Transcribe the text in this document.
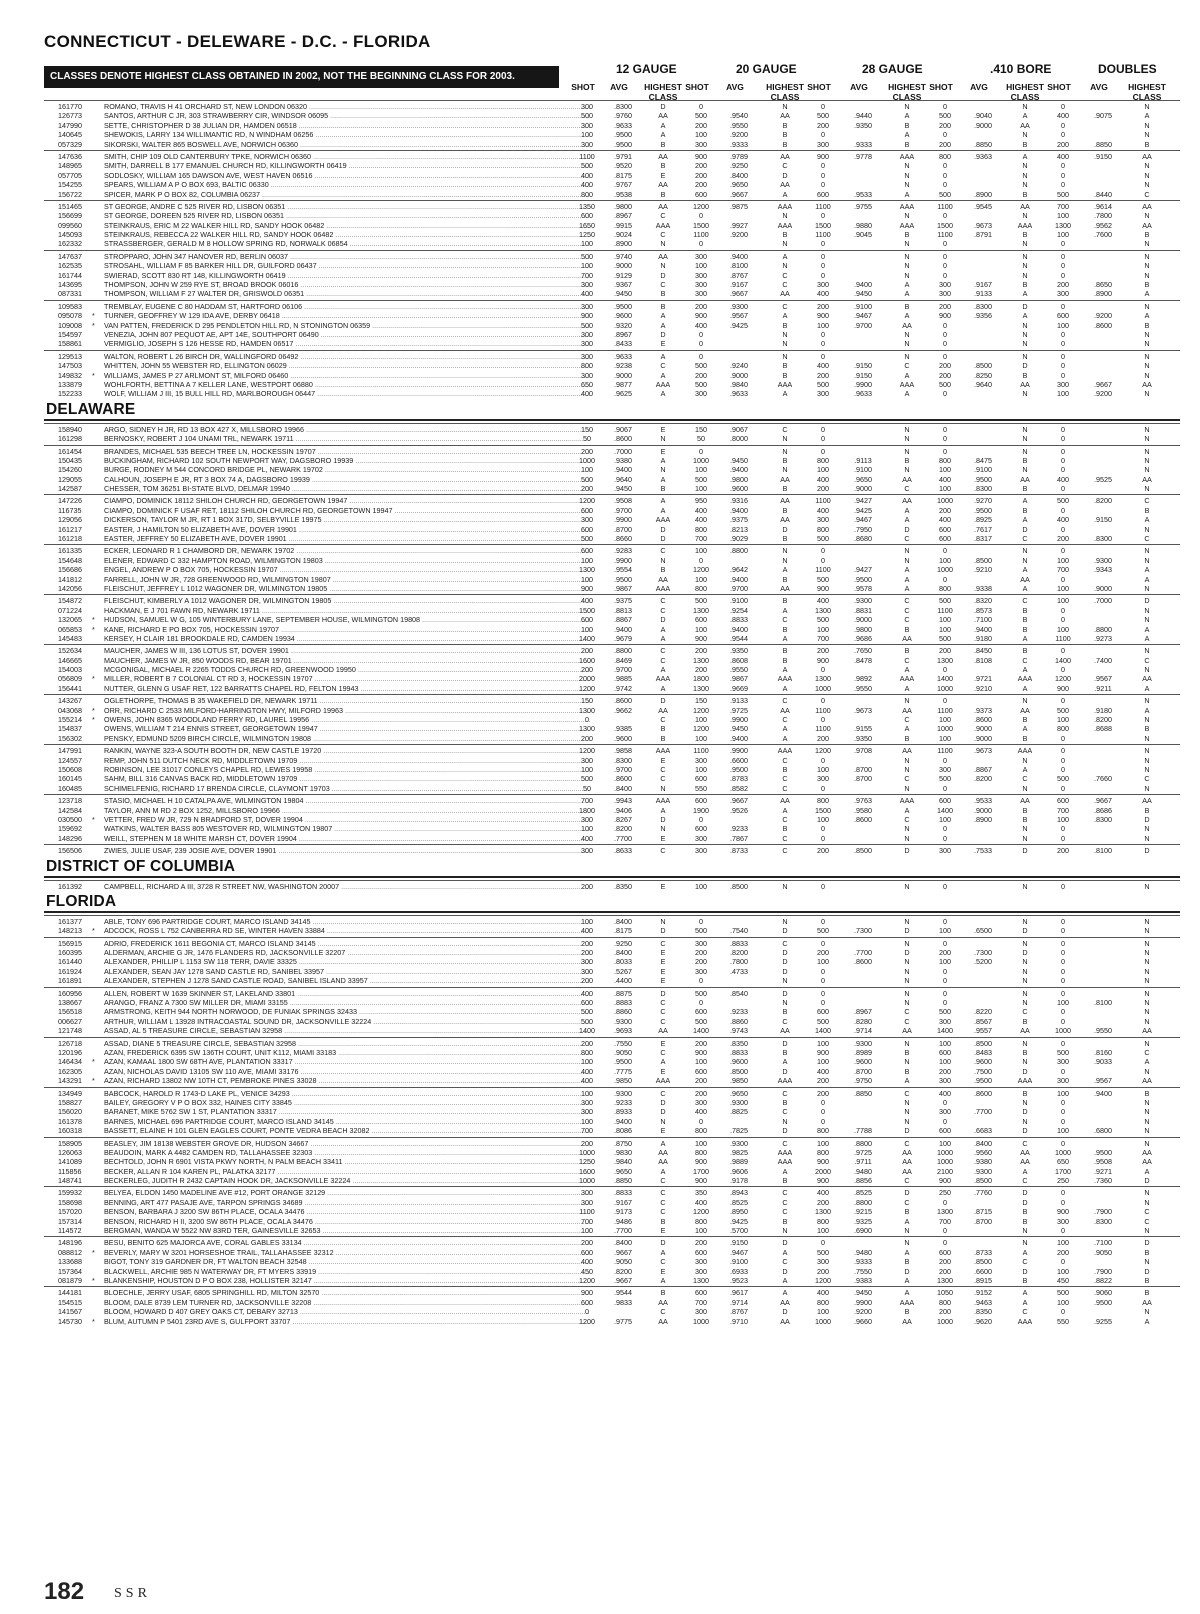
CONNECTICUT - DELEWARE - D.C. - FLORIDA
CLASSES DENOTE HIGHEST CLASS OBTAINED IN 2002, NOT THE BEGINNING CLASS FOR 2003.
12 GAUGE	20 GAUGE	28 GAUGE	.410 BORE	DOUBLES
SHOT	AVG	HIGHEST
CLASS
SHOT	AVG	HIGHEST
CLASS
SHOT	AVG	HIGHEST
CLASS
SHOT	AVG	HIGHEST
CLASS
SHOT	AVG	HIGHEST
CLASS
161770	ROMANO, TRAVIS H 41 ORCHARD ST, NEW LONDON 06320 .....	300	.8300	D	0	N	0	N	0	N	0	N
126773	SANTOS, ARTHUR C JR, 303 STRAWBERRY CIR, WINDSOR 06095 .....	500	.9760	AA	500	.9540	AA	500	.9440	A	500	.9040	A	400	.9075	A
147990	SETTE, CHRISTOPHER D 38 JULIAN DR, HAMDEN 06518 .....	300	.9633	A	200	.9550	B	200	.9350	B	200	.9000	AA	0	N
140645	SHEWOKIS, LARRY 134 WILLIMANTIC RD, N WINDHAM 06256 .....	100	.9500	A	100	.9200	B	0	A	0	N	0	N
057329	SIKORSKI, WALTER 865 BOSWELL AVE, NORWICH 06360 .....	300	.9500	B	300	.9333	B	300	.9333	B	200	.8850	B	200	.8850	B
147636	SMITH, CHIP 109 OLD CANTERBURY TPKE, NORWICH 06360 .....	1100	.9791	AA	900	.9789	AA	900	.9778	AAA	800	.9363	A	400	.9150	AA
148965	SMITH, DARRELL B 177 EMANUEL CHURCH RD, KILLINGWORTH 06419 .....	500	.9520	B	200	.9250	C	0	N	0	N	0	N
057705	SODLOSKY, WILLIAM 165 DAWSON AVE, WEST HAVEN 06516 .....	400	.8175	E	200	.8400	D	0	N	0	N	0	N
154255	SPEARS, WILLIAM A P O BOX 693, BALTIC 06330 .....	400	.9767	AA	200	.9650	AA	0	N	0	N	0	N
156722	SPICER, MARK P O BOX 82, COLUMBIA 06237 .....	800	.9538	B	600	.9667	A	600	.9533	A	500	.8900	B	500	.8440	C
151465	ST GEORGE, ANDRE C 525 RIVER RD, LISBON 06351 .....	1350	.9800	AA	1200	.9875	AAA	1100	.9755	AAA	1100	.9545	AA	700	.9614	AA
156699	ST GEORGE, DOREEN 525 RIVER RD, LISBON 06351 .....	600	.8967	C	0	N	0	N	0	N	100	.7800	N
099560	STEINKRAUS, ERIC M 22 WALKER HILL RD, SANDY HOOK 06482 .....	1650	.9915	AAA	1500	.9927	AAA	1500	.9880	AAA	1500	.9673	AAA	1300	.9562	AA
145093	STEINKRAUS, REBECCA 22 WALKER HILL RD, SANDY HOOK 06482 .....	1250	.9024	C	1100	.9200	B	1100	.9045	B	1100	.8791	B	100	.7600	B
162332	STRASSBERGER, GERALD M 8 HOLLOW SPRING RD, NORWALK 06854 .....	100	.8900	N	0	N	0	N	0	N	0	N
147637	STROPPARO, JOHN 347 HANOVER RD, BERLIN 06037 .....	500	.9740	AA	300	.9400	A	0	N	0	N	0	N
162535	STROSAHL, WILLIAM F 85 BARKER HILL DR, GUILFORD 06437 .....	100	.9000	N	100	.8100	N	0	N	0	N	0	N
161744	SWIERAD, SCOTT 830 RT 148, KILLINGWORTH 06419 .....	700	.9129	D	300	.8767	C	0	N	0	N	0	N
143695	THOMPSON, JOHN W 259 RYE ST, BROAD BROOK 06016 .....	300	.9367	C	300	.9167	C	300	.9400	A	300	.9167	B	200	.8650	B
087331	THOMPSON, WILLIAM F 27 WALTER DR, GRISWOLD 06351 .....	400	.9450	B	300	.9667	AA	400	.9450	A	300	.9133	A	300	.8900	A
109583	TREMBLAY, EUGENE C 80 HADDAM ST, HARTFORD 06106 .....	300	.9500	B	200	.9300	C	200	.9100	B	200	.8300	D	0	N
095078	*	TURNER, GEOFFREY W 129 IDA AVE, DERBY 06418 .....	900	.9600	A	900	.9567	A	900	.9467	A	900	.9356	A	600	.9200	A
109008	*	VAN PATTEN, FREDERICK D 295 PENDLETON HILL RD, N STONINGTON 06359 .....	500	.9320	A	400	.9425	B	100	.9700	AA	0	N	100	.8600	B
154597	VENEZIA, JOHN 807 PEQUOT AE, APT 14E, SOUTHPORT 06490 .....	300	.8967	D	0	N	0	N	0	N	0	N
158861	VERMIGLIO, JOSEPH S 126 HESSE RD, HAMDEN 06517 .....	300	.8433	E	0	N	0	N	0	N	0	N
129513	WALTON, ROBERT L 26 BIRCH DR, WALLINGFORD 06492 .....	300	.9633	A	0	N	0	N	0	N	0	N
147503	WHITTEN, JOHN 55 WEBSTER RD, ELLINGTON 06029 .....	800	.9238	C	500	.9240	B	400	.9150	C	200	.8500	D	0	N
149832	*	WILLIAMS, JAMES P 27 ARLMONT ST, MILFORD 06460 .....	300	.9000	A	200	.9000	B	200	.9150	A	200	.8250	B	0	N
133879	WOHLFORTH, BETTINA A 7 KELLER LANE, WESTPORT 06880 .....	650	.9877	AAA	500	.9840	AAA	500	.9900	AAA	500	.9640	AA	300	.9667	AA
152233	WOLF, WILLIAM J III, 15 BULL HILL RD, MARLBOROUGH 06447 .....	400	.9625	A	300	.9633	A	300	.9633	A	0	N	100	.9200	N
DELAWARE
158940	ARGO, SIDNEY H JR, RD 13 BOX 427 X, MILLSBORO 19966 .....	150	.9067	E	150	.9067	C	0	N	0	N	0	N
161298	BERNOSKY, ROBERT J 104 UNAMI TRL, NEWARK 19711 .....	50	.8600	N	50	.8000	N	0	N	0	N	0	N
161454	BRANDES, MICHAEL 535 BEECH TREE LN, HOCKESSIN 19707 .....	200	.7000	E	0	N	0	N	0	N	0	N
150435	BUCKINGHAM, RICHARD 102 SOUTH NEWPORT WAY, DAGSBORO 19939 .....	1000	.9380	A	1000	.9450	B	800	.9113	B	800	.8475	B	0	N
154260	BURGE, RODNEY M 544 CONCORD BRIDGE PL, NEWARK 19702 .....	100	.9400	N	100	.9400	N	100	.9100	N	100	.9100	N	0	N
129055	CALHOUN, JOSEPH E JR, RT 3 BOX 74 A, DAGSBORO 19939 .....	500	.9640	A	500	.9800	AA	400	.9650	AA	400	.9500	AA	400	.9525	AA
142587	CHESSER, TOM 36251 BI-STATE BLVD, DELMAR 19940 .....	200	.9450	B	100	.9600	B	200	.9000	C	100	.8300	B	0	N
147226	CIAMPO, DOMINICK 18112 SHILOH CHURCH RD, GEORGETOWN 19947 .....	1200	.9508	A	950	.9316	AA	1100	.9427	AA	1000	.9270	A	500	.8200	C
116735	CIAMPO, DOMINICK F USAF RET, 18112 SHILOH CHURCH RD, GEORGETOWN 19947 .....	600	.9700	A	400	.9400	B	400	.9425	A	200	.9500	B	0	B
129056	DICKERSON, TAYLOR M JR, RT 1 BOX 317D, SELBYVILLE 19975 .....	300	.9900	AAA	400	.9375	AA	300	.9467	A	400	.8925	A	400	.9150	A
161217	EASTER, J HAMILTON 50 ELIZABETH AVE, DOVER 19901 .....	600	.8700	D	800	.8213	D	800	.7950	D	600	.7617	D	0	N
161218	EASTER, JEFFREY 50 ELIZABETH AVE, DOVER 19901 .....	500	.8660	D	700	.9029	B	500	.8680	C	600	.8317	C	200	.8300	C
161335	ECKER, LEONARD R 1 CHAMBORD DR, NEWARK 19702 .....	600	.9283	C	100	.8800	N	0	N	0	N	0	N
154648	ELENER, EDWARD C 332 HAMPTON ROAD, WILMINGTON 19803 .....	100	.9900	N	0	N	0	N	100	.8500	N	100	.9300	N
156686	ENGEL, ANDREW P O BOX 705, HOCKESSIN 19707 .....	1300	.9554	B	1200	.9642	A	1100	.9427	A	1000	.9210	A	700	.9343	A
141812	FARRELL, JOHN W JR, 728 GREENWOOD RD, WILMINGTON 19807 .....	100	.9500	AA	100	.9400	B	500	.9500	A	0	AA	0	A
142056	FLEISCHUT, JEFFREY L 1012 WAGONER DR, WILMINGTON 19805 .....	900	.9867	AAA	800	.9700	AA	900	.9578	A	800	.9338	A	100	.9000	N
154872	FLEISCHUT, KIMBERLY A 1012 WAGONER DR, WILMINGTON 19805 .....	400	.9375	C	500	.9100	B	400	.9300	C	500	.8320	C	100	.7000	D
071224	HACKMAN, E J 701 FAWN RD, NEWARK 19711 .....	1500	.8813	C	1300	.9254	A	1300	.8831	C	1100	.8573	B	0	N
132065	*	HUDSON, SAMUEL W G, 105 WINTERBURY LANE, SEPTEMBER HOUSE, WILMINGTON 19808 .....	600	.8867	D	600	.8833	C	500	.9000	C	100	.7100	B	0	N
065853	*	KANE, RICHARD E PO BOX 705, HOCKESSIN 19707 .....	100	.9400	A	100	.9400	B	100	.9800	B	100	.9400	B	100	.8800	A
145483	KERSEY, H CLAIR 181 BROOKDALE RD, CAMDEN 19934 .....	1400	.9679	A	900	.9544	A	700	.9686	AA	500	.9180	A	1100	.9273	A
152634	MAUCHER, JAMES W III, 136 LOTUS ST, DOVER 19901 .....	200	.8800	C	200	.9350	B	200	.7650	B	200	.8450	B	0	N
146665	MAUCHER, JAMES W JR, 850 WOODS RD, BEAR 19701 .....	1600	.8469	C	1300	.8608	B	900	.8478	C	1300	.8108	C	1400	.7400	C
154003	MCGONIGAL, MICHAEL R 2265 TODDS CHURCH RD, GREENWOOD 19950 .....	200	.9700	A	200	.9550	A	0	A	0	A	0	N
056809	*	MILLER, ROBERT B 7 COLONIAL CT RD 3, HOCKESSIN 19707 .....	2000	.9885	AAA	1800	.9867	AAA	1300	.9892	AAA	1400	.9721	AAA	1200	.9567	AA
156441	NUTTER, GLENN G USAF RET, 122 BARRATTS CHAPEL RD, FELTON 19943 .....	1200	.9742	A	1300	.9669	A	1000	.9550	A	1000	.9210	A	900	.9211	A
143267	OGLETHORPE, THOMAS B 35 WAKEFIELD DR, NEWARK 19711 .....	150	.8600	D	150	.9133	C	0	N	0	N	0	N
043068	*	ORR, RICHARD C 2533 MILFORD-HARRINGTON HWY, MILFORD 19963 .....	1300	.9662	AA	1200	.9725	AA	1100	.9673	AA	1100	.9373	AA	500	.9180	A
155214	*	OWENS, JOHN 8365 WOODLAND FERRY RD, LAUREL 19956 .....	0	C	100	.9900	C	0	C	100	.8600	B	100	.8200	N
154837	OWENS, WILLIAM T 214 ENNIS STREET, GEORGETOWN 19947 .....	1300	.9385	B	1200	.9450	A	1100	.9155	A	1000	.9000	A	800	.8688	B
156302	PENSKY, EDMUND 5209 BIRCH CIRCLE, WILMINGTON 19808 .....	200	.9600	B	100	.9400	A	200	.9350	B	100	.9000	B	0	N
147991	RANKIN, WAYNE 323-A SOUTH BOOTH DR, NEW CASTLE 19720 .....	1200	.9858	AAA	1100	.9900	AAA	1200	.9708	AA	1100	.9673	AAA	0	N
124557	REMP, JOHN 511 DUTCH NECK RD, MIDDLETOWN 19709 .....	300	.8300	E	300	.6600	C	0	N	0	N	0	N
150608	ROBINSON, LEE 31017 CONLEYS CHAPEL RD, LEWES 19958 .....	100	.9700	C	100	.9500	B	100	.8700	N	300	.8867	A	0	N
160145	SAHM, BILL 316 CANVAS BACK RD, MIDDLETOWN 19709 .....	500	.8600	C	600	.8783	C	300	.8700	C	500	.8200	C	500	.7660	C
160485	SCHIMELFENIG, RICHARD 17 BRENDA CIRCLE, CLAYMONT 19703 .....	50	.8400	N	550	.8582	C	0	N	0	N	0	N
123718	STASIO, MICHAEL H 10 CATALPA AVE, WILMINGTON 19804 .....	700	.9943	AAA	600	.9667	AA	800	.9763	AAA	600	.9533	AA	600	.9667	AA
142584	TAYLOR, ANN M RD 2 BOX 1252, MILLSBORO 19966 .....	1800	.9406	A	1900	.9526	A	1500	.9580	A	1400	.9000	B	700	.8686	B
030500	*	VETTER, FRED W JR, 729 N BRADFORD ST, DOVER 19904 .....	300	.8267	D	0	C	100	.8600	C	100	.8900	B	100	.8300	D
159692	WATKINS, WALTER BASS 805 WESTOVER RD, WILMINGTON 19807 .....	100	.8200	N	600	.9233	B	0	N	0	N	0	N
148296	WEILL, STEPHEN M 18 WHITE MARSH CT, DOVER 19904 .....	400	.7700	E	300	.7867	C	0	N	0	N	0	N
156506	ZWIES, JULIE USAF, 239 JOSIE AVE, DOVER 19901 .....	300	.8633	C	300	.8733	C	200	.8500	D	300	.7533	D	200	.8100	D
DISTRICT OF COLUMBIA
161392	CAMPBELL, RICHARD A III, 3728 R STREET NW, WASHINGTON 20007 .....	200	.8350	E	100	.8500	N	0	N	0	N	0	N
FLORIDA
161377	ABLE, TONY 696 PARTRIDGE COURT, MARCO ISLAND 34145 .....	100	.8400	N	0	N	0	N	0	N	0	N
148213	*	ADCOCK, ROSS L 752 CANBERRA RD SE, WINTER HAVEN 33884 .....	400	.8175	D	500	.7540	D	500	.7300	D	100	.6500	D	0	N
156915	ADRIO, FREDERICK 1611 BEGONIA CT, MARCO ISLAND 34145 .....	200	.9250	C	300	.8833	C	0	N	0	N	0	N
160395	ALDERMAN, ARCHIE G JR, 1476 FLANDERS RD, JACKSONVILLE 32207 .....	200	.8400	E	200	.8200	D	200	.7700	D	200	.7300	D	0	N
161440	ALEXANDER, PHILLIP L 1153 SW 118 TERR, DAVIE 33325 .....	300	.8033	E	200	.7800	D	100	.8600	N	100	.5200	N	0	N
161924	ALEXANDER, SEAN JAY 1278 SAND CASTLE RD, SANIBEL 33957 .....	300	.5267	E	300	.4733	D	0	N	0	N	0	N
161891	ALEXANDER, STEPHEN J 1278 SAND CASTLE ROAD, SANIBEL ISLAND 33957 .....	200	.4400	E	0	N	0	N	0	N	0	N
160956	ALLEN, ROBERT W 1639 SKINNER ST, LAKELAND 33801 .....	400	.8875	D	500	.8540	D	0	N	0	N	0	N
138667	ARANGO, FRANZ A 7300 SW MILLER DR, MIAMI 33155 .....	600	.8883	C	0	N	0	N	0	N	100	.8100	N
156518	ARMSTRONG, KEITH 944 NORTH NORWOOD, DE FUNIAK SPRINGS 32433 .....	500	.8860	C	600	.9233	B	600	.8967	C	500	.8220	C	0	N
006627	ARTHUR, WILLIAM L 13928 INTRACOASTAL SOUND DR, JACKSONVILLE 32224 .....	500	.9300	C	500	.8860	C	500	.8280	C	300	.8567	B	0	N
121748	ASSAD, AL 5 TREASURE CIRCLE, SEBASTIAN 32958 .....	1400	.9693	AA	1400	.9743	AA	1400	.9714	AA	1400	.9557	AA	1000	.9550	AA
126718	ASSAD, DIANE 5 TREASURE CIRCLE, SEBASTIAN 32958 .....	200	.7550	E	200	.8350	D	100	.9300	N	100	.8500	N	0	N
120196	AZAN, FREDERICK 6395 SW 136TH COURT, UNIT K112, MIAMI 33183 .....	800	.9050	C	900	.8833	B	900	.8989	B	600	.8483	B	500	.8160	C
146434	*	AZAN, KAMAAL 1800 SW 68TH AVE, PLANTATION 33317 .....	100	.9500	A	100	.9600	A	100	.9600	N	100	.9600	N	300	.9033	A
162305	AZAN, NICHOLAS DAVID 13105 SW 110 AVE, MIAMI 33176 .....	400	.7775	E	600	.8500	D	400	.8700	B	200	.7500	D	0	N
143291	*	AZAN, RICHARD 13802 NW 10TH CT, PEMBROKE PINES 33028 .....	400	.9850	AAA	200	.9850	AAA	200	.9750	A	300	.9500	AAA	300	.9567	AA
134949	BABCOCK, HAROLD R 1743-D LAKE PL, VENICE 34293 .....	100	.9300	C	200	.9650	C	200	.8850	C	400	.8600	B	100	.9400	B
158827	BAILEY, GREGORY V P O BOX 332, HAINES CITY 33845 .....	300	.9233	D	300	.9300	B	0	N	0	N	0	N
156020	BARANET, MIKE 5762 SW 1 ST, PLANTATION 33317 .....	300	.8933	D	400	.8825	C	0	N	300	.7700	D	0	N
161378	BARNES, MICHAEL 696 PARTRIDGE COURT, MARCO ISLAND 34145 .....	100	.9400	N	0	N	0	N	0	N	0	N
160318	BASSETT, ELAINE H 101 GLEN EAGLES COURT, PONTE VEDRA BEACH 32082 .....	700	.8086	E	800	.7825	D	800	.7788	D	600	.6683	D	100	.6800	N
158905	BEASLEY, JIM 18138 WEBSTER GROVE DR, HUDSON 34667 .....	200	.8750	A	100	.9300	C	100	.8800	C	100	.8400	C	0	N
126063	BEAUDOIN, MARK A 4482 CAMDEN RD, TALLAHASSEE 32303 .....	1000	.9830	AA	800	.9825	AAA	800	.9725	AA	1000	.9560	AA	1000	.9500	AA
141089	BECHTOLD, JOHN R 6901 VISTA PKWY NORTH, N PALM BEACH 33411 .....	1250	.9840	AA	900	.9889	AAA	900	.9711	AA	1000	.9380	AA	650	.9508	AA
115856	BECKER, ALLAN R 104 KAREN PL, PALATKA 32177 .....	1600	.9650	A	1700	.9606	A	2000	.9480	AA	2100	.9300	A	1700	.9271	A
148741	BECKERLEG, JUDITH R 2432 CAPTAIN HOOK DR, JACKSONVILLE 32224 .....	1000	.8850	C	900	.9178	B	900	.8856	C	900	.8500	C	250	.7360	D
159932	BELYEA, ELDON 1450 MADELINE AVE #12, PORT ORANGE 32129 .....	300	.8833	C	350	.8943	C	400	.8525	D	250	.7760	D	0	N
158698	BENNING, ART 477 PASAJE AVE, TARPON SPRINGS 34689 .....	300	.9167	C	400	.8525	C	200	.8800	C	0	D	0	N
157020	BENSON, BARBARA J 3200 SW 86TH PLACE, OCALA 34476 .....	1100	.9173	C	1200	.8950	C	1300	.9215	B	1300	.8715	B	900	.7900	C
157314	BENSON, RICHARD H II, 3200 SW 86TH PLACE, OCALA 34476 .....	700	.9486	B	800	.9425	B	800	.9325	A	700	.8700	B	300	.8300	C
114572	BERGMAN, WANDA W 5522 NW 83RD TER, GAINESVILLE 32653 .....	100	.7700	E	100	.5700	N	100	.6900	N	0	N	0	N
148196	BESU, BENITO 625 MAJORCA AVE, CORAL GABLES 33134 .....	200	.8400	D	200	.9150	D	0	N	0	N	100	.7100	D
088812	*	BEVERLY, MARY W 3201 HORSESHOE TRAIL, TALLAHASSEE 32312 .....	600	.9667	A	600	.9467	A	500	.9480	A	600	.8733	A	200	.9050	B
133688	BIGOT, TONY 319 GARDNER DR, FT WALTON BEACH 32548 .....	400	.9050	C	300	.9100	C	300	.9333	B	200	.8500	C	0	N
157364	BLACKWELL, ARCHIE 985 N WATERWAY DR, FT MYERS 33919 .....	450	.8200	E	300	.6933	D	200	.7550	D	200	.6600	D	100	.7900	D
081879	*	BLANKENSHIP, HOUSTON D P O BOX 238, HOLLISTER 32147 .....	1200	.9667	A	1300	.9523	A	1200	.9383	A	1300	.8915	B	450	.8822	B
144181	BLOECHLE, JERRY USAF, 6805 SPRINGHILL RD, MILTON 32570 .....	900	.9544	B	600	.9617	A	400	.9450	A	1050	.9152	A	500	.9060	B
154515	BLOOM, DALE 8739 LEM TURNER RD, JACKSONVILLE 32208 .....	600	.9833	AA	700	.9714	AA	800	.9900	AAA	800	.9463	A	100	.9500	AA
141567	BLOOM, HOWARD D 407 GREY OAKS CT, DEBARY 32713 .....	0	C	300	.8767	D	100	.9200	B	200	.8350	C	0	N
145730	*	BLUM, AUTUMN P 5401 23RD AVE S, GULFPORT 33707 .....	1200	.9775	AA	1000	.9710	AA	1000	.9660	AA	1000	.9620	AAA	550	.9255	A
182 SSR
